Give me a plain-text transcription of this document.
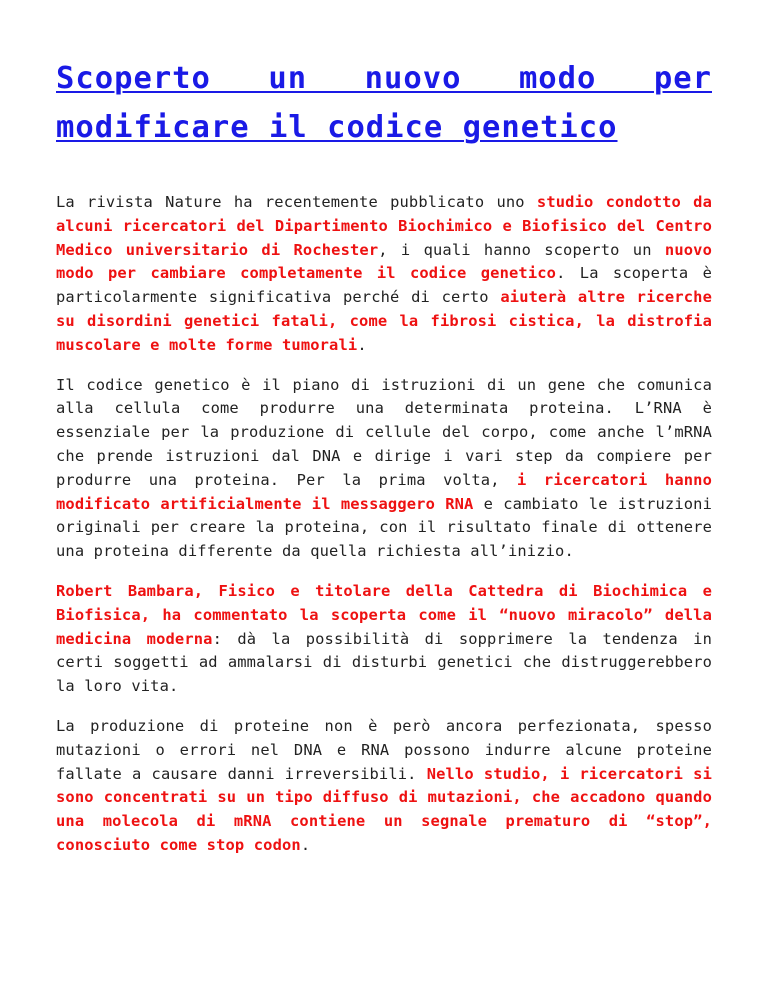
Scoperto un nuovo modo per modificare il codice genetico

La rivista Nature ha recentemente pubblicato uno studio condotto da alcuni ricercatori del Dipartimento Biochimico e Biofisico del Centro Medico universitario di Rochester, i quali hanno scoperto un nuovo modo per cambiare completamente il codice genetico. La scoperta è particolarmente significativa perché di certo aiuterà altre ricerche su disordini genetici fatali, come la fibrosi cistica, la distrofia muscolare e molte forme tumorali.

Il codice genetico è il piano di istruzioni di un gene che comunica alla cellula come produrre una determinata proteina. L’RNA è essenziale per la produzione di cellule del corpo, come anche l’mRNA che prende istruzioni dal DNA e dirige i vari step da compiere per produrre una proteina. Per la prima volta, i ricercatori hanno modificato artificialmente il messaggero RNA e cambiato le istruzioni originali per creare la proteina, con il risultato finale di ottenere una proteina differente da quella richiesta all’inizio.

Robert Bambara, Fisico e titolare della Cattedra di Biochimica e Biofisica, ha commentato la scoperta come il “nuovo miracolo” della medicina moderna: dà la possibilità di sopprimere la tendenza in certi soggetti ad ammalarsi di disturbi genetici che distruggerebbero la loro vita.

La produzione di proteine non è però ancora perfezionata, spesso mutazioni o errori nel DNA e RNA possono indurre alcune proteine fallate a causare danni irreversibili. Nello studio, i ricercatori si sono concentrati su un tipo diffuso di mutazioni, che accadono quando una molecola di mRNA contiene un segnale prematuro di “stop”, conosciuto come stop codon.
